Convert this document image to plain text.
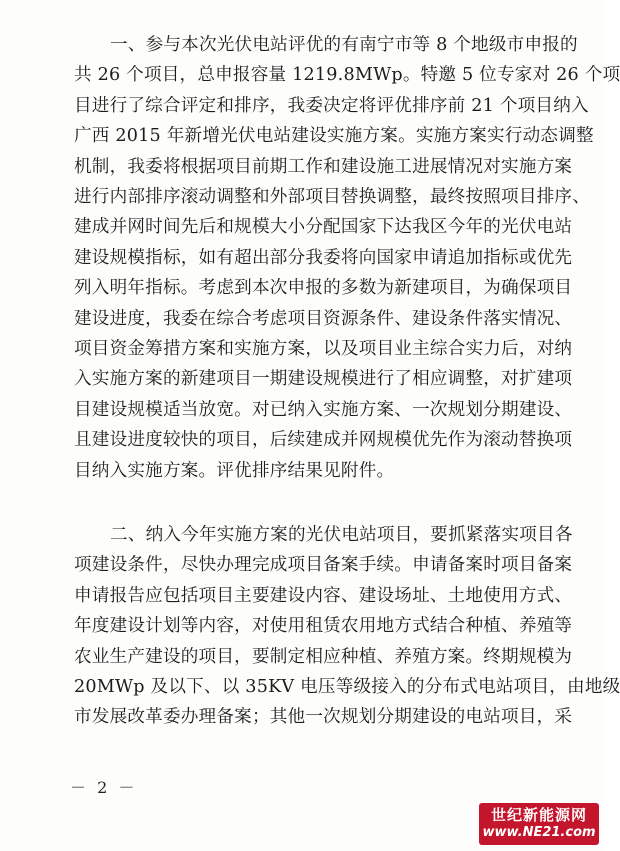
一、参与本次光伏电站评优的有南宁市等 8 个地级市申报的
共 26 个项目，总申报容量 1219.8MWp。特邀 5 位专家对 26 个项
目进行了综合评定和排序，我委决定将评优排序前 21 个项目纳入
广西 2015 年新增光伏电站建设实施方案。实施方案实行动态调整
机制，我委将根据项目前期工作和建设施工进展情况对实施方案
进行内部排序滚动调整和外部项目替换调整，最终按照项目排序、
建成并网时间先后和规模大小分配国家下达我区今年的光伏电站
建设规模指标，如有超出部分我委将向国家申请追加指标或优先
列入明年指标。考虑到本次申报的多数为新建项目，为确保项目
建设进度，我委在综合考虑项目资源条件、建设条件落实情况、
项目资金筹措方案和实施方案，以及项目业主综合实力后，对纳
入实施方案的新建项目一期建设规模进行了相应调整，对扩建项
目建设规模适当放宽。对已纳入实施方案、一次规划分期建设、
且建设进度较快的项目，后续建成并网规模优先作为滚动替换项
目纳入实施方案。评优排序结果见附件。
二、纳入今年实施方案的光伏电站项目，要抓紧落实项目各
项建设条件，尽快办理完成项目备案手续。申请备案时项目备案
申请报告应包括项目主要建设内容、建设场址、土地使用方式、
年度建设计划等内容，对使用租赁农用地方式结合种植、养殖等
农业生产建设的项目，要制定相应种植、养殖方案。终期规模为
20MWp 及以下、以 35KV 电压等级接入的分布式电站项目，由地级
市发展改革委办理备案；其他一次规划分期建设的电站项目，采
－ 2 －
世纪新能源网
www.NE21.com
